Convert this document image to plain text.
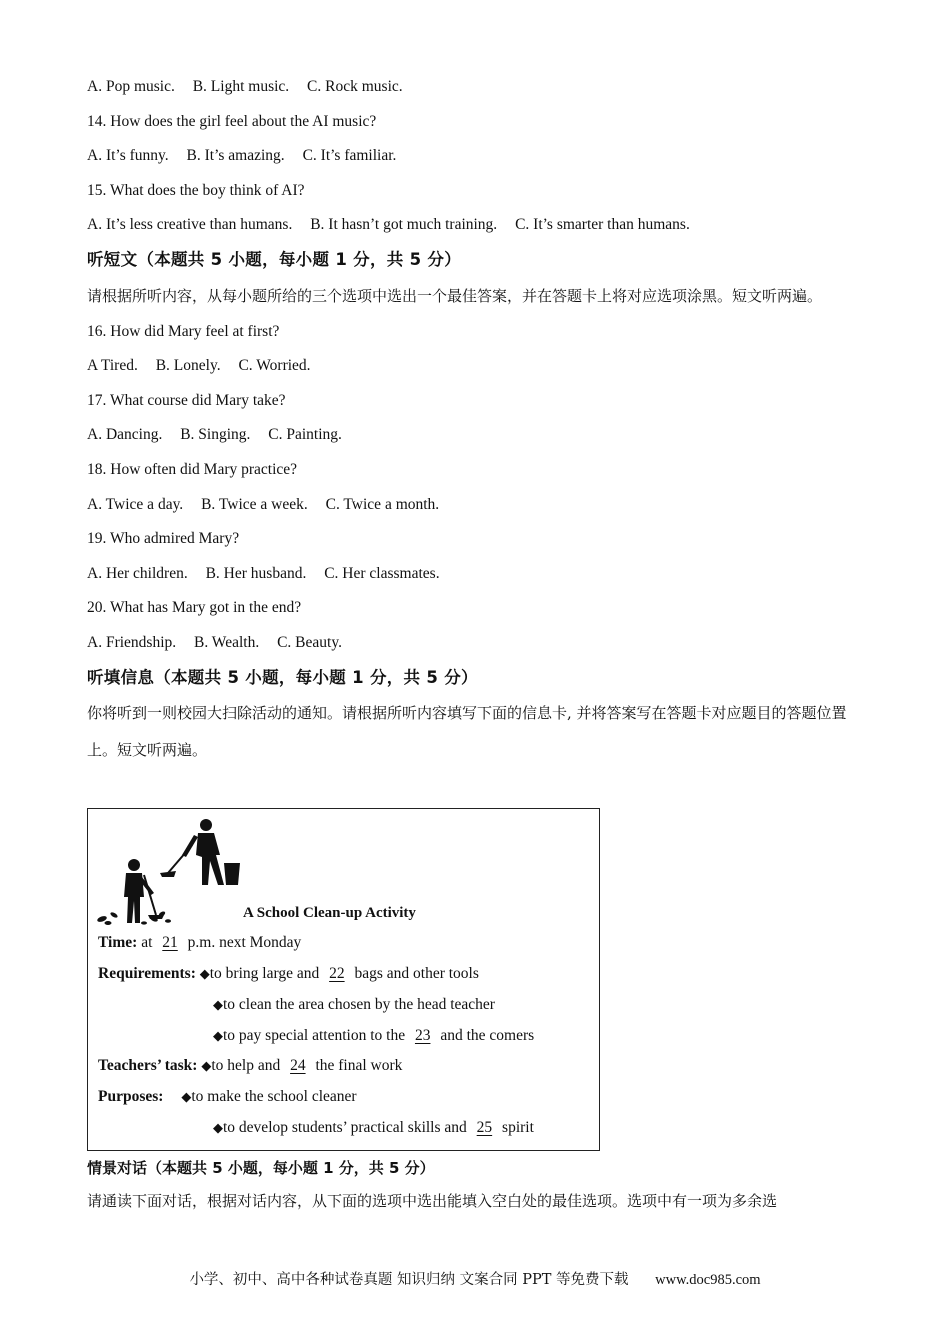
A. Pop music. B. Light music. C. Rock music.
14. How does the girl feel about the AI music?
A. It’s funny. B. It’s amazing. C. It’s familiar.
15. What does the boy think of AI?
A. It’s less creative than humans. B. It hasn’t got much training. C. It’s smarter than humans.
听短文（本题共 5 小题，每小题 1 分，共 5 分）
请根据所听内容，从每小题所给的三个选项中选出一个最佳答案，并在答题卡上将对应选项涂黑。短文听两遍。
16. How did Mary feel at first?
A Tired. B. Lonely. C. Worried.
17. What course did Mary take?
A. Dancing. B. Singing. C. Painting.
18. How often did Mary practice?
A. Twice a day. B. Twice a week. C. Twice a month.
19. Who admired Mary?
A. Her children. B. Her husband. C. Her classmates.
20. What has Mary got in the end?
A. Friendship. B. Wealth. C. Beauty.
听填信息（本题共 5 小题，每小题 1 分，共 5 分）
你将听到一则校园大扫除活动的通知。请根据所听内容填写下面的信息卡, 并将答案写在答题卡对应题目的答题位置上。短文听两遍。
A School Clean-up Activity
Time: at 21 p.m. next Monday
Requirements: ◆to bring large and 22 bags and other tools
◆to clean the area chosen by the head teacher
◆to pay special attention to the 23 and the comers
Teachers’ task: ◆to help and 24 the final work
Purposes: ◆to make the school cleaner
◆to develop students’ practical skills and 25 spirit
情景对话（本题共 5 小题，每小题 1 分，共 5 分）
请通读下面对话，根据对话内容，从下面的选项中选出能填入空白处的最佳选项。选项中有一项为多余选
小学、初中、高中各种试卷真题 知识归纳 文案合同 PPT 等免费下载 www.doc985.com
